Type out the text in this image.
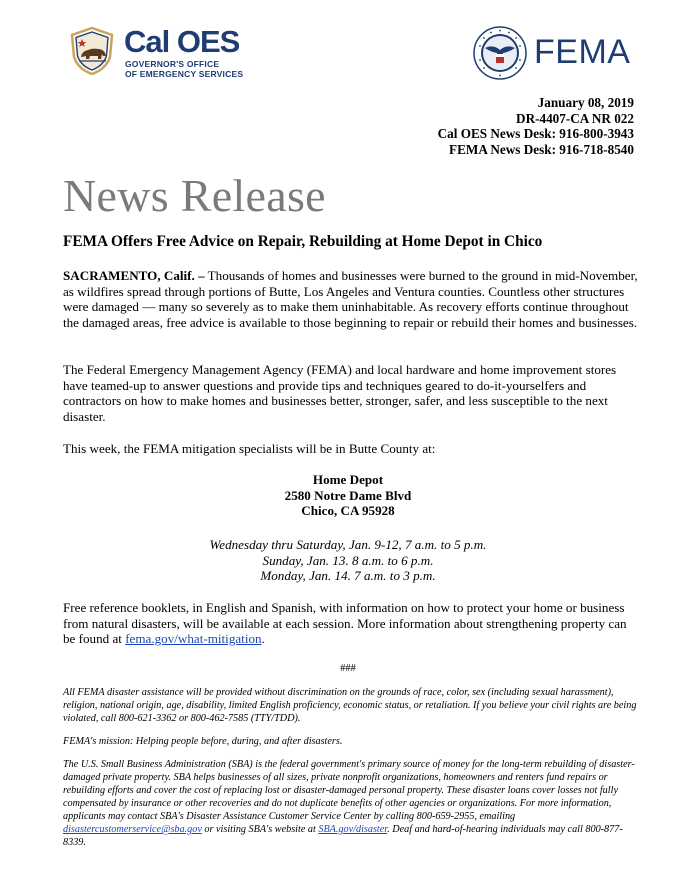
Cal OES
GOVERNOR'S OFFICE
OF EMERGENCY SERVICES
FEMA
January 08, 2019
DR-4407-CA NR 022
Cal OES News Desk: 916-800-3943
FEMA News Desk: 916-718-8540
News Release
FEMA Offers Free Advice on Repair, Rebuilding at Home Depot in Chico
SACRAMENTO, Calif. – Thousands of homes and businesses were burned to the ground in mid-November, as wildfires spread through portions of Butte, Los Angeles and Ventura counties. Countless other structures were damaged — many so severely as to make them uninhabitable. As recovery efforts continue throughout the damaged areas, free advice is available to those beginning to repair or rebuild their homes and businesses.
The Federal Emergency Management Agency (FEMA) and local hardware and home improvement stores have teamed-up to answer questions and provide tips and techniques geared to do-it-yourselfers and contractors on how to make homes and businesses better, stronger, safer, and less susceptible to the next disaster.
This week, the FEMA mitigation specialists will be in Butte County at:
Home Depot
2580 Notre Dame Blvd
Chico, CA 95928
Wednesday thru Saturday, Jan. 9-12, 7 a.m. to 5 p.m.
Sunday, Jan. 13. 8 a.m. to 6 p.m.
Monday, Jan. 14. 7 a.m. to 3 p.m.
Free reference booklets, in English and Spanish, with information on how to protect your home or business from natural disasters, will be available at each session. More information about strengthening property can be found at fema.gov/what-mitigation.
###
All FEMA disaster assistance will be provided without discrimination on the grounds of race, color, sex (including sexual harassment), religion, national origin, age, disability, limited English proficiency, economic status, or retaliation. If you believe your civil rights are being violated, call 800-621-3362 or 800-462-7585 (TTY/TDD).
FEMA's mission: Helping people before, during, and after disasters.
The U.S. Small Business Administration (SBA) is the federal government's primary source of money for the long-term rebuilding of disaster-damaged private property. SBA helps businesses of all sizes, private nonprofit organizations, homeowners and renters fund repairs or rebuilding efforts and cover the cost of replacing lost or disaster-damaged personal property. These disaster loans cover losses not fully compensated by insurance or other recoveries and do not duplicate benefits of other agencies or organizations. For more information, applicants may contact SBA's Disaster Assistance Customer Service Center by calling 800-659-2955, emailing disastercustomerservice@sba.gov or visiting SBA's website at SBA.gov/disaster. Deaf and hard-of-hearing individuals may call 800-877-8339.
